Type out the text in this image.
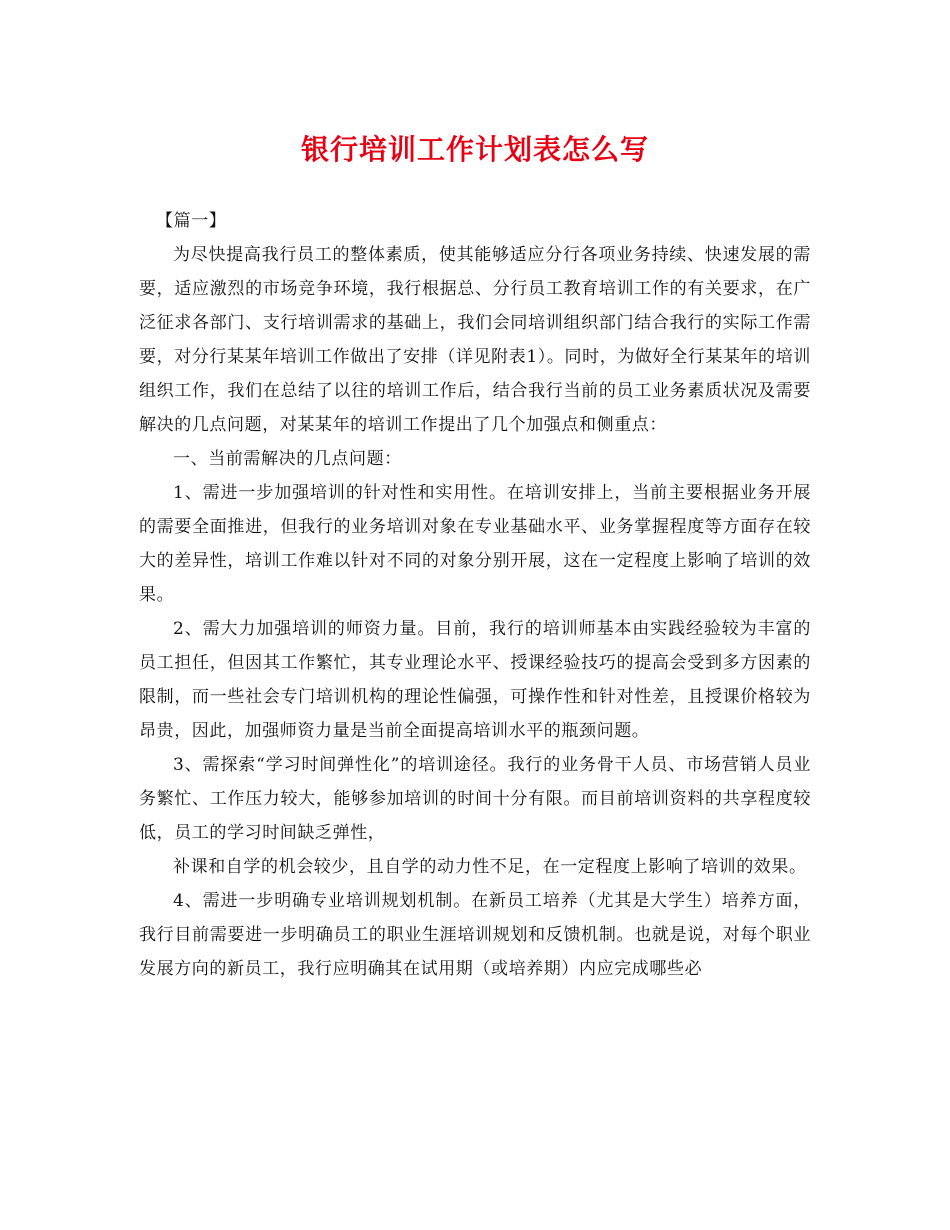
银行培训工作计划表怎么写

【篇一】

为尽快提高我行员工的整体素质，使其能够适应分行各项业务持续、快速发展的需要，适应激烈的市场竞争环境，我行根据总、分行员工教育培训工作的有关要求，在广泛征求各部门、支行培训需求的基础上，我们会同培训组织部门结合我行的实际工作需要，对分行某某年培训工作做出了安排（详见附表1）。同时，为做好全行某某年的培训组织工作，我们在总结了以往的培训工作后，结合我行当前的员工业务素质状况及需要解决的几点问题，对某某年的培训工作提出了几个加强点和侧重点：

一、当前需解决的几点问题：

1、需进一步加强培训的针对性和实用性。在培训安排上，当前主要根据业务开展的需要全面推进，但我行的业务培训对象在专业基础水平、业务掌握程度等方面存在较大的差异性，培训工作难以针对不同的对象分别开展，这在一定程度上影响了培训的效果。

2、需大力加强培训的师资力量。目前，我行的培训师基本由实践经验较为丰富的员工担任，但因其工作繁忙，其专业理论水平、授课经验技巧的提高会受到多方因素的限制，而一些社会专门培训机构的理论性偏强，可操作性和针对性差，且授课价格较为昂贵，因此，加强师资力量是当前全面提高培训水平的瓶颈问题。

3、需探索“学习时间弹性化”的培训途径。我行的业务骨干人员、市场营销人员业务繁忙、工作压力较大，能够参加培训的时间十分有限。而目前培训资料的共享程度较低，员工的学习时间缺乏弹性，

补课和自学的机会较少，且自学的动力性不足，在一定程度上影响了培训的效果。

4、需进一步明确专业培训规划机制。在新员工培养（尤其是大学生）培养方面，我行目前需要进一步明确员工的职业生涯培训规划和反馈机制。也就是说，对每个职业发展方向的新员工，我行应明确其在试用期（或培养期）内应完成哪些必
